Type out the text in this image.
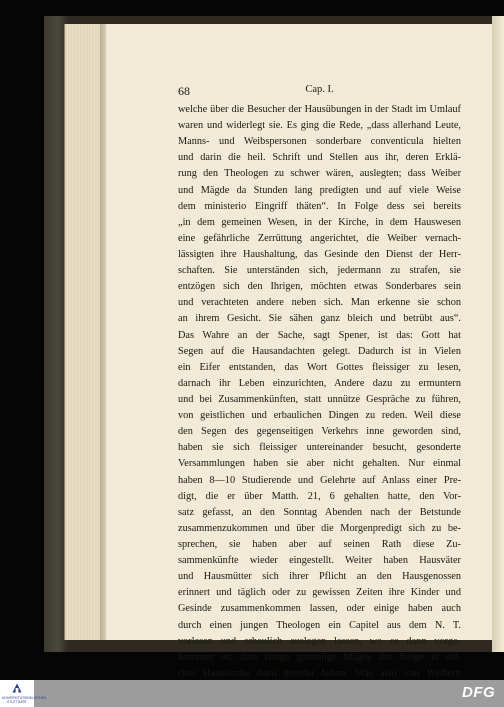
68	Cap. I.
welche über die Besucher der Hausübungen in der Stadt im Umlauf
waren und widerlegt sie. Es ging die Rede, „dass allerhand Leute,
Manns- und Weibspersonen sonderbare conventicula hielten
und darin die heil. Schrift und Stellen aus ihr, deren Erklä-
rung den Theologen zu schwer wären, auslegten; dass Weiber
und Mägde da Stunden lang predigten und auf viele Weise
dem ministerio Eingriff thäten“. In Folge dess sei bereits
„in dem gemeinen Wesen, in der Kirche, in dem Hauswesen
eine gefährliche Zerrüttung angerichtet, die Weiber vernach-
lässigten ihre Haushaltung, das Gesinde den Dienst der Herr-
schaften. Sie unterständen sich, jedermann zu strafen, sie
entzögen sich den Ihrigen, möchten etwas Sonderbares sein
und verachteten andere neben sich. Man erkenne sie schon
an ihrem Gesicht. Sie sähen ganz bleich und betrübt aus“.
Das Wahre an der Sache, sagt Spener, ist das: Gott hat
Segen auf die Hausandachten gelegt. Dadurch ist in Vielen
ein Eifer entstanden, das Wort Gottes fleissiger zu lesen,
darnach ihr Leben einzurichten, Andere dazu zu ermuntern
und bei Zusammenkünften, statt unnütze Gespräche zu führen,
von geistlichen und erbaulichen Dingen zu reden. Weil diese
den Segen des gegenseitigen Verkehrs inne geworden sind,
haben sie sich fleissiger untereinander besucht, gesonderte
Versammlungen haben sie aber nicht gehalten. Nur einmal
haben 8—10 Studierende und Gelehrte auf Anlass einer Pre-
digt, die er über Matth. 21, 6 gehalten hatte, den Vor-
satz gefasst, an den Sonntag Abenden nach der Betstunde
zusammenzukommen und über die Morgenpredigt sich zu be-
sprechen, sie haben aber auf seinen Rath diese Zu-
sammenkünfte wieder eingestellt. Weiter haben Hausväter
und Hausmütter sich ihrer Pflicht an den Hausgenossen
erinnert und täglich oder zu gewissen Zeiten ihre Kinder und
Gesinde zusammenkommen lassen, oder einige haben auch
durch einen jungen Theologen ein Capitel aus dem N. T.
vorlesen und erbaulich auslegen lassen, wo es dann vorge-
kommen ist, dass einige gottselige Mägde das Ihrige in sol-
cher Hauskirche dazu geredet haben. Was also von Weibern
UNIVERSITÄTSBIBLIOTHEK STUTTGART
DFG
